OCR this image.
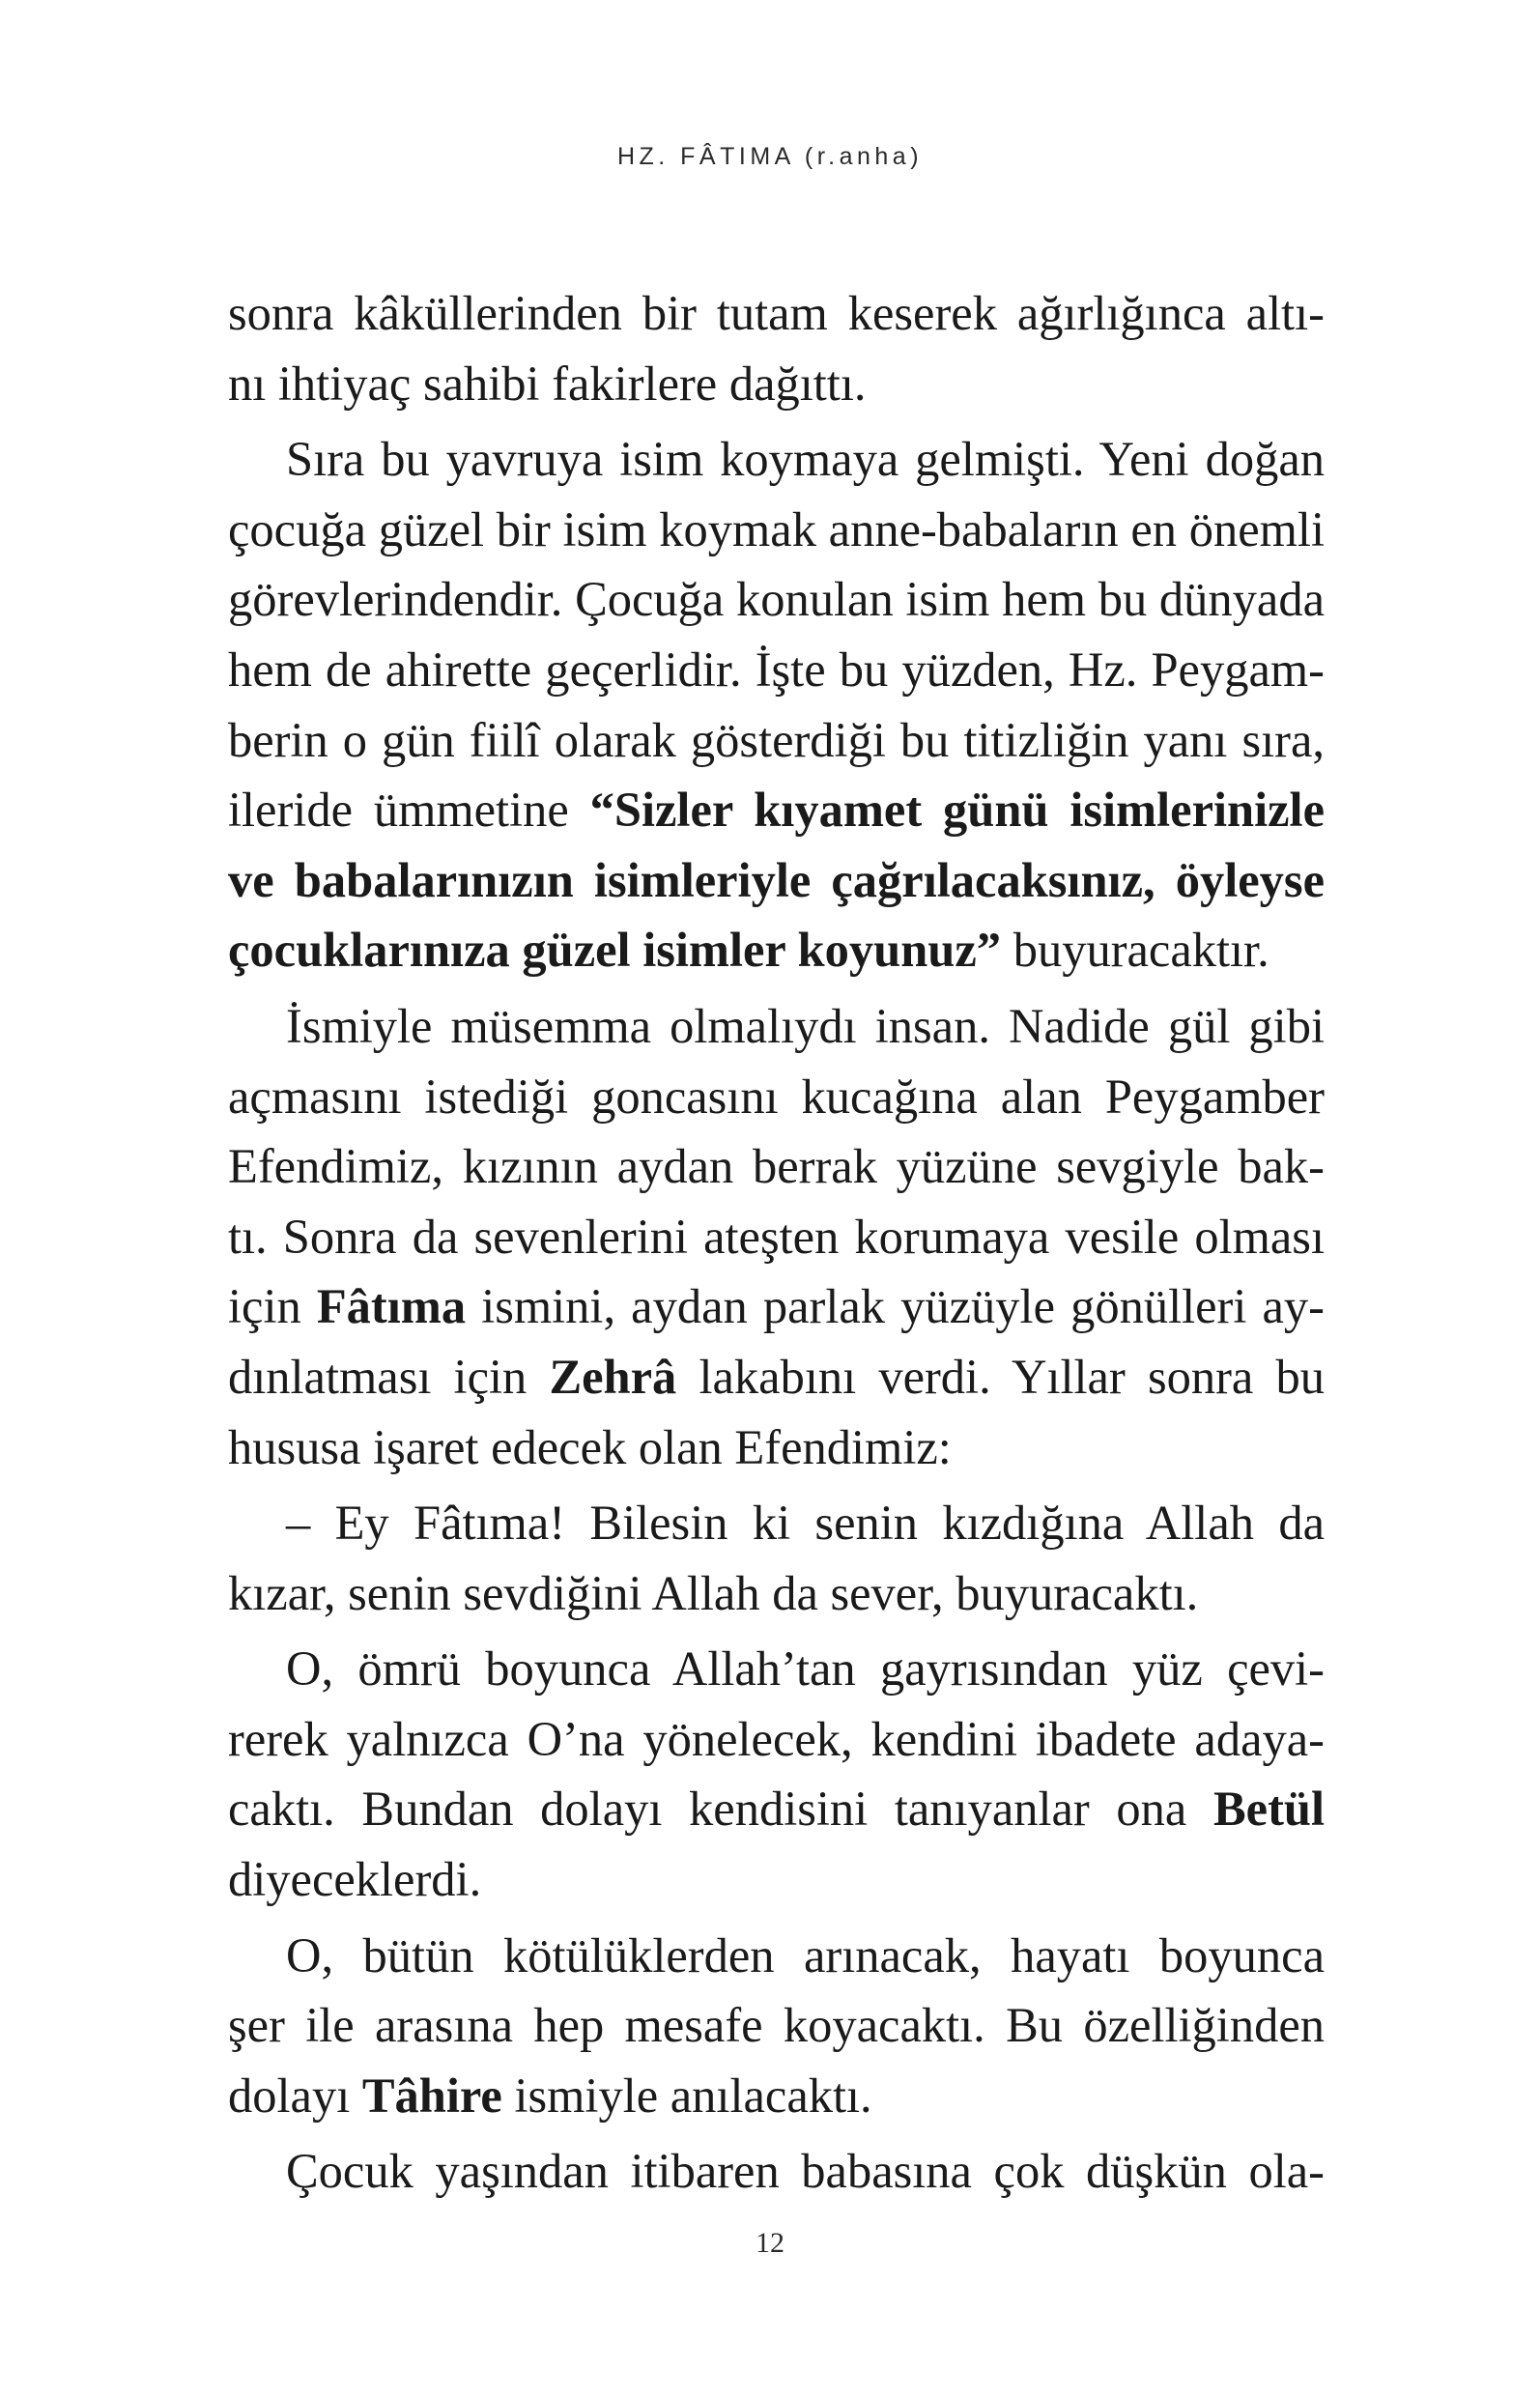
HZ. FÂTIMA (r.anha)
sonra kâküllerinden bir tutam keserek ağırlığınca altı-
nı ihtiyaç sahibi fakirlere dağıttı.
Sıra bu yavruya isim koymaya gelmişti. Yeni doğan
çocuğa güzel bir isim koymak anne-babaların en önemli
görevlerindendir. Çocuğa konulan isim hem bu dünyada
hem de ahirette geçerlidir. İşte bu yüzden, Hz. Peygam-
berin o gün fiilî olarak gösterdiği bu titizliğin yanı sıra,
ileride ümmetine “Sizler kıyamet günü isimlerinizle
ve babalarınızın isimleriyle çağrılacaksınız, öyleyse
çocuklarınıza güzel isimler koyunuz” buyuracaktır.
İsmiyle müsemma olmalıydı insan. Nadide gül gibi
açmasını istediği goncasını kucağına alan Peygamber
Efendimiz, kızının aydan berrak yüzüne sevgiyle bak-
tı. Sonra da sevenlerini ateşten korumaya vesile olması
için Fâtıma ismini, aydan parlak yüzüyle gönülleri ay-
dınlatması için Zehrâ lakabını verdi. Yıllar sonra bu
hususa işaret edecek olan Efendimiz:
– Ey Fâtıma! Bilesin ki senin kızdığına Allah da
kızar, senin sevdiğini Allah da sever, buyuracaktı.
O, ömrü boyunca Allah’tan gayrısından yüz çevi-
rerek yalnızca O’na yönelecek, kendini ibadete adaya-
caktı. Bundan dolayı kendisini tanıyanlar ona Betül
diyeceklerdi.
O, bütün kötülüklerden arınacak, hayatı boyunca
şer ile arasına hep mesafe koyacaktı. Bu özelliğinden
dolayı Tâhire ismiyle anılacaktı.
Çocuk yaşından itibaren babasına çok düşkün ola-
12
